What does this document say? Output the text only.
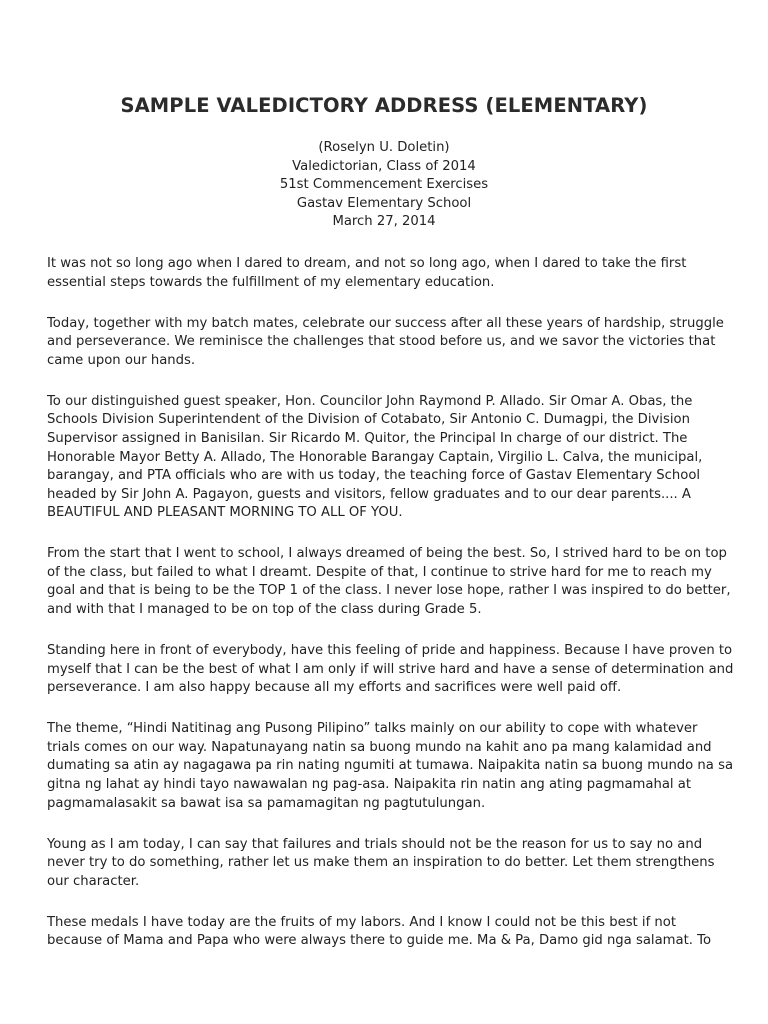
SAMPLE VALEDICTORY ADDRESS (ELEMENTARY)
(Roselyn U. Doletin)
Valedictorian, Class of 2014
51st Commencement Exercises
Gastav Elementary School
March 27, 2014

It was not so long ago when I dared to dream, and not so long ago, when I dared to take the first
essential steps towards the fulfillment of my elementary education.

Today, together with my batch mates, celebrate our success after all these years of hardship, struggle
and perseverance. We reminisce the challenges that stood before us, and we savor the victories that
came upon our hands.

To our distinguished guest speaker, Hon. Councilor John Raymond P. Allado. Sir Omar A. Obas, the
Schools Division Superintendent of the Division of Cotabato, Sir Antonio C. Dumagpi, the Division
Supervisor assigned in Banisilan. Sir Ricardo M. Quitor, the Principal In charge of our district. The
Honorable Mayor Betty A. Allado, The Honorable Barangay Captain, Virgilio L. Calva, the municipal,
barangay, and PTA officials who are with us today, the teaching force of Gastav Elementary School
headed by Sir John A. Pagayon, guests and visitors, fellow graduates and to our dear parents.... A
BEAUTIFUL AND PLEASANT MORNING TO ALL OF YOU.

From the start that I went to school, I always dreamed of being the best. So, I strived hard to be on top
of the class, but failed to what I dreamt. Despite of that, I continue to strive hard for me to reach my
goal and that is being to be the TOP 1 of the class. I never lose hope, rather I was inspired to do better,
and with that I managed to be on top of the class during Grade 5.

Standing here in front of everybody, have this feeling of pride and happiness. Because I have proven to
myself that I can be the best of what I am only if will strive hard and have a sense of determination and
perseverance. I am also happy because all my efforts and sacrifices were well paid off.

The theme, “Hindi Natitinag ang Pusong Pilipino” talks mainly on our ability to cope with whatever
trials comes on our way. Napatunayang natin sa buong mundo na kahit ano pa mang kalamidad and
dumating sa atin ay nagagawa pa rin nating ngumiti at tumawa. Naipakita natin sa buong mundo na sa
gitna ng lahat ay hindi tayo nawawalan ng pag-asa. Naipakita rin natin ang ating pagmamahal at
pagmamalasakit sa bawat isa sa pamamagitan ng pagtutulungan.

Young as I am today, I can say that failures and trials should not be the reason for us to say no and
never try to do something, rather let us make them an inspiration to do better. Let them strengthens
our character.

These medals I have today are the fruits of my labors. And I know I could not be this best if not
because of Mama and Papa who were always there to guide me. Ma & Pa, Damo gid nga salamat. To
